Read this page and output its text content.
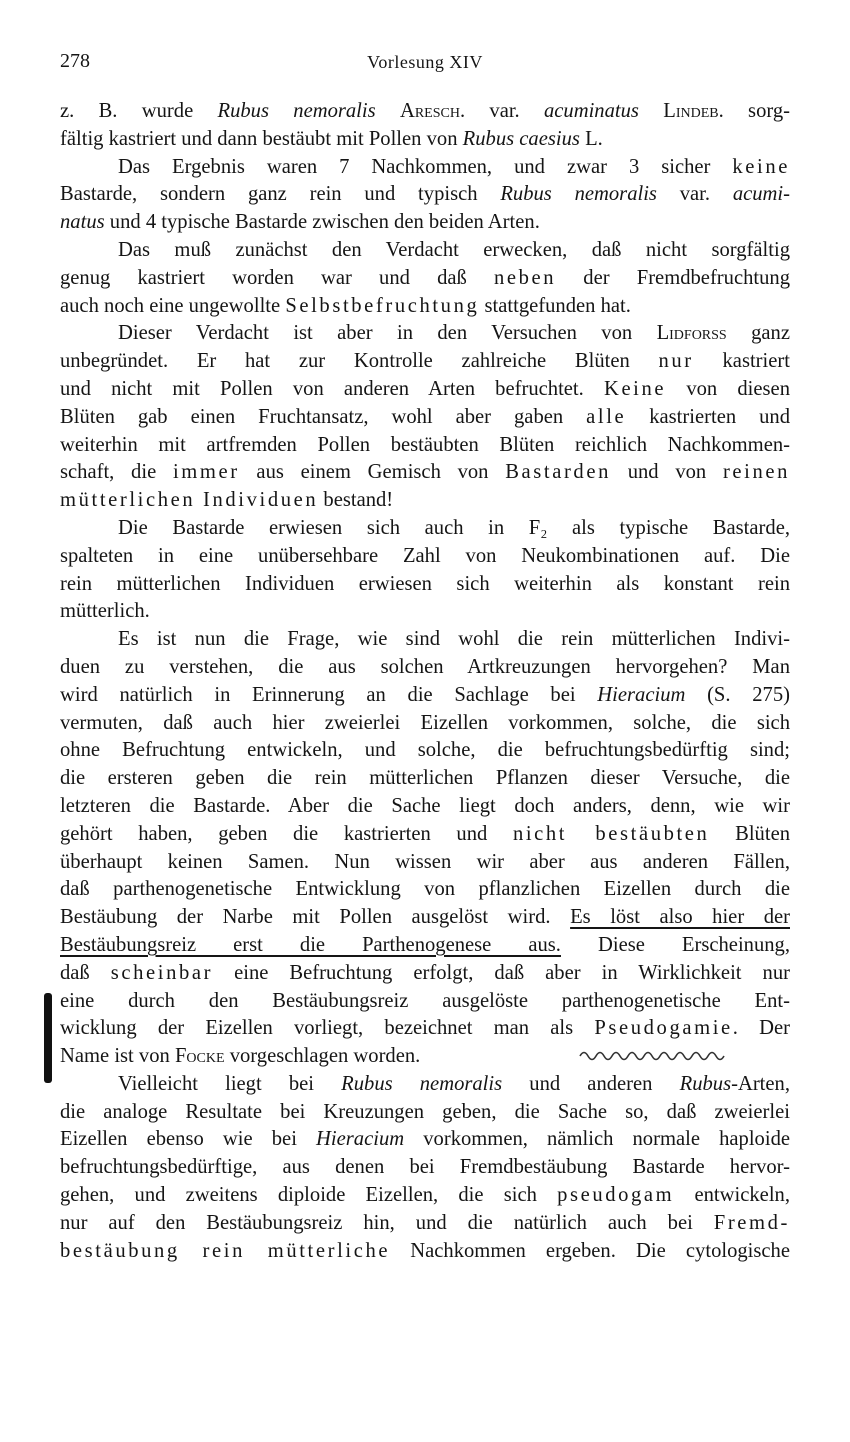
278	Vorlesung XIV
z. B. wurde Rubus nemoralis Aresch. var. acuminatus Lindeb. sorg-
fältig kastriert und dann bestäubt mit Pollen von Rubus caesius L.
Das Ergebnis waren 7 Nachkommen, und zwar 3 sicher keine
Bastarde, sondern ganz rein und typisch Rubus nemoralis var. acumi-
natus und 4 typische Bastarde zwischen den beiden Arten.
Das muß zunächst den Verdacht erwecken, daß nicht sorgfältig
genug kastriert worden war und daß neben der Fremdbefruchtung
auch noch eine ungewollte Selbstbefruchtung stattgefunden hat.
Dieser Verdacht ist aber in den Versuchen von Lidforss ganz
unbegründet. Er hat zur Kontrolle zahlreiche Blüten nur kastriert
und nicht mit Pollen von anderen Arten befruchtet. Keine von diesen
Blüten gab einen Fruchtansatz, wohl aber gaben alle kastrierten und
weiterhin mit artfremden Pollen bestäubten Blüten reichlich Nachkommen-
schaft, die immer aus einem Gemisch von Bastarden und von reinen
mütterlichen Individuen bestand!
Die Bastarde erwiesen sich auch in F₂ als typische Bastarde,
spalteten in eine unübersehbare Zahl von Neukombinationen auf. Die
rein mütterlichen Individuen erwiesen sich weiterhin als konstant rein
mütterlich.
Es ist nun die Frage, wie sind wohl die rein mütterlichen Indivi-
duen zu verstehen, die aus solchen Artkreuzungen hervorgehen? Man
wird natürlich in Erinnerung an die Sachlage bei Hieracium (S. 275)
vermuten, daß auch hier zweierlei Eizellen vorkommen, solche, die sich
ohne Befruchtung entwickeln, und solche, die befruchtungsbedürftig sind;
die ersteren geben die rein mütterlichen Pflanzen dieser Versuche, die
letzteren die Bastarde. Aber die Sache liegt doch anders, denn, wie wir
gehört haben, geben die kastrierten und nicht bestäubten Blüten
überhaupt keinen Samen. Nun wissen wir aber aus anderen Fällen,
daß parthenogenetische Entwicklung von pflanzlichen Eizellen durch die
Bestäubung der Narbe mit Pollen ausgelöst wird. Es löst also hier der
Bestäubungsreiz erst die Parthenogenese aus. Diese Erscheinung,
daß scheinbar eine Befruchtung erfolgt, daß aber in Wirklichkeit nur
eine durch den Bestäubungsreiz ausgelöste parthenogenetische Ent-
wicklung der Eizellen vorliegt, bezeichnet man als Pseudogamie. Der
Name ist von Focke vorgeschlagen worden.
Vielleicht liegt bei Rubus nemoralis und anderen Rubus-Arten,
die analoge Resultate bei Kreuzungen geben, die Sache so, daß zweierlei
Eizellen ebenso wie bei Hieracium vorkommen, nämlich normale haploide
befruchtungsbedürftige, aus denen bei Fremdbestäubung Bastarde hervor-
gehen, und zweitens diploide Eizellen, die sich pseudogam entwickeln,
nur auf den Bestäubungsreiz hin, und die natürlich auch bei Fremd-
bestäubung rein mütterliche Nachkommen ergeben. Die cytologische
